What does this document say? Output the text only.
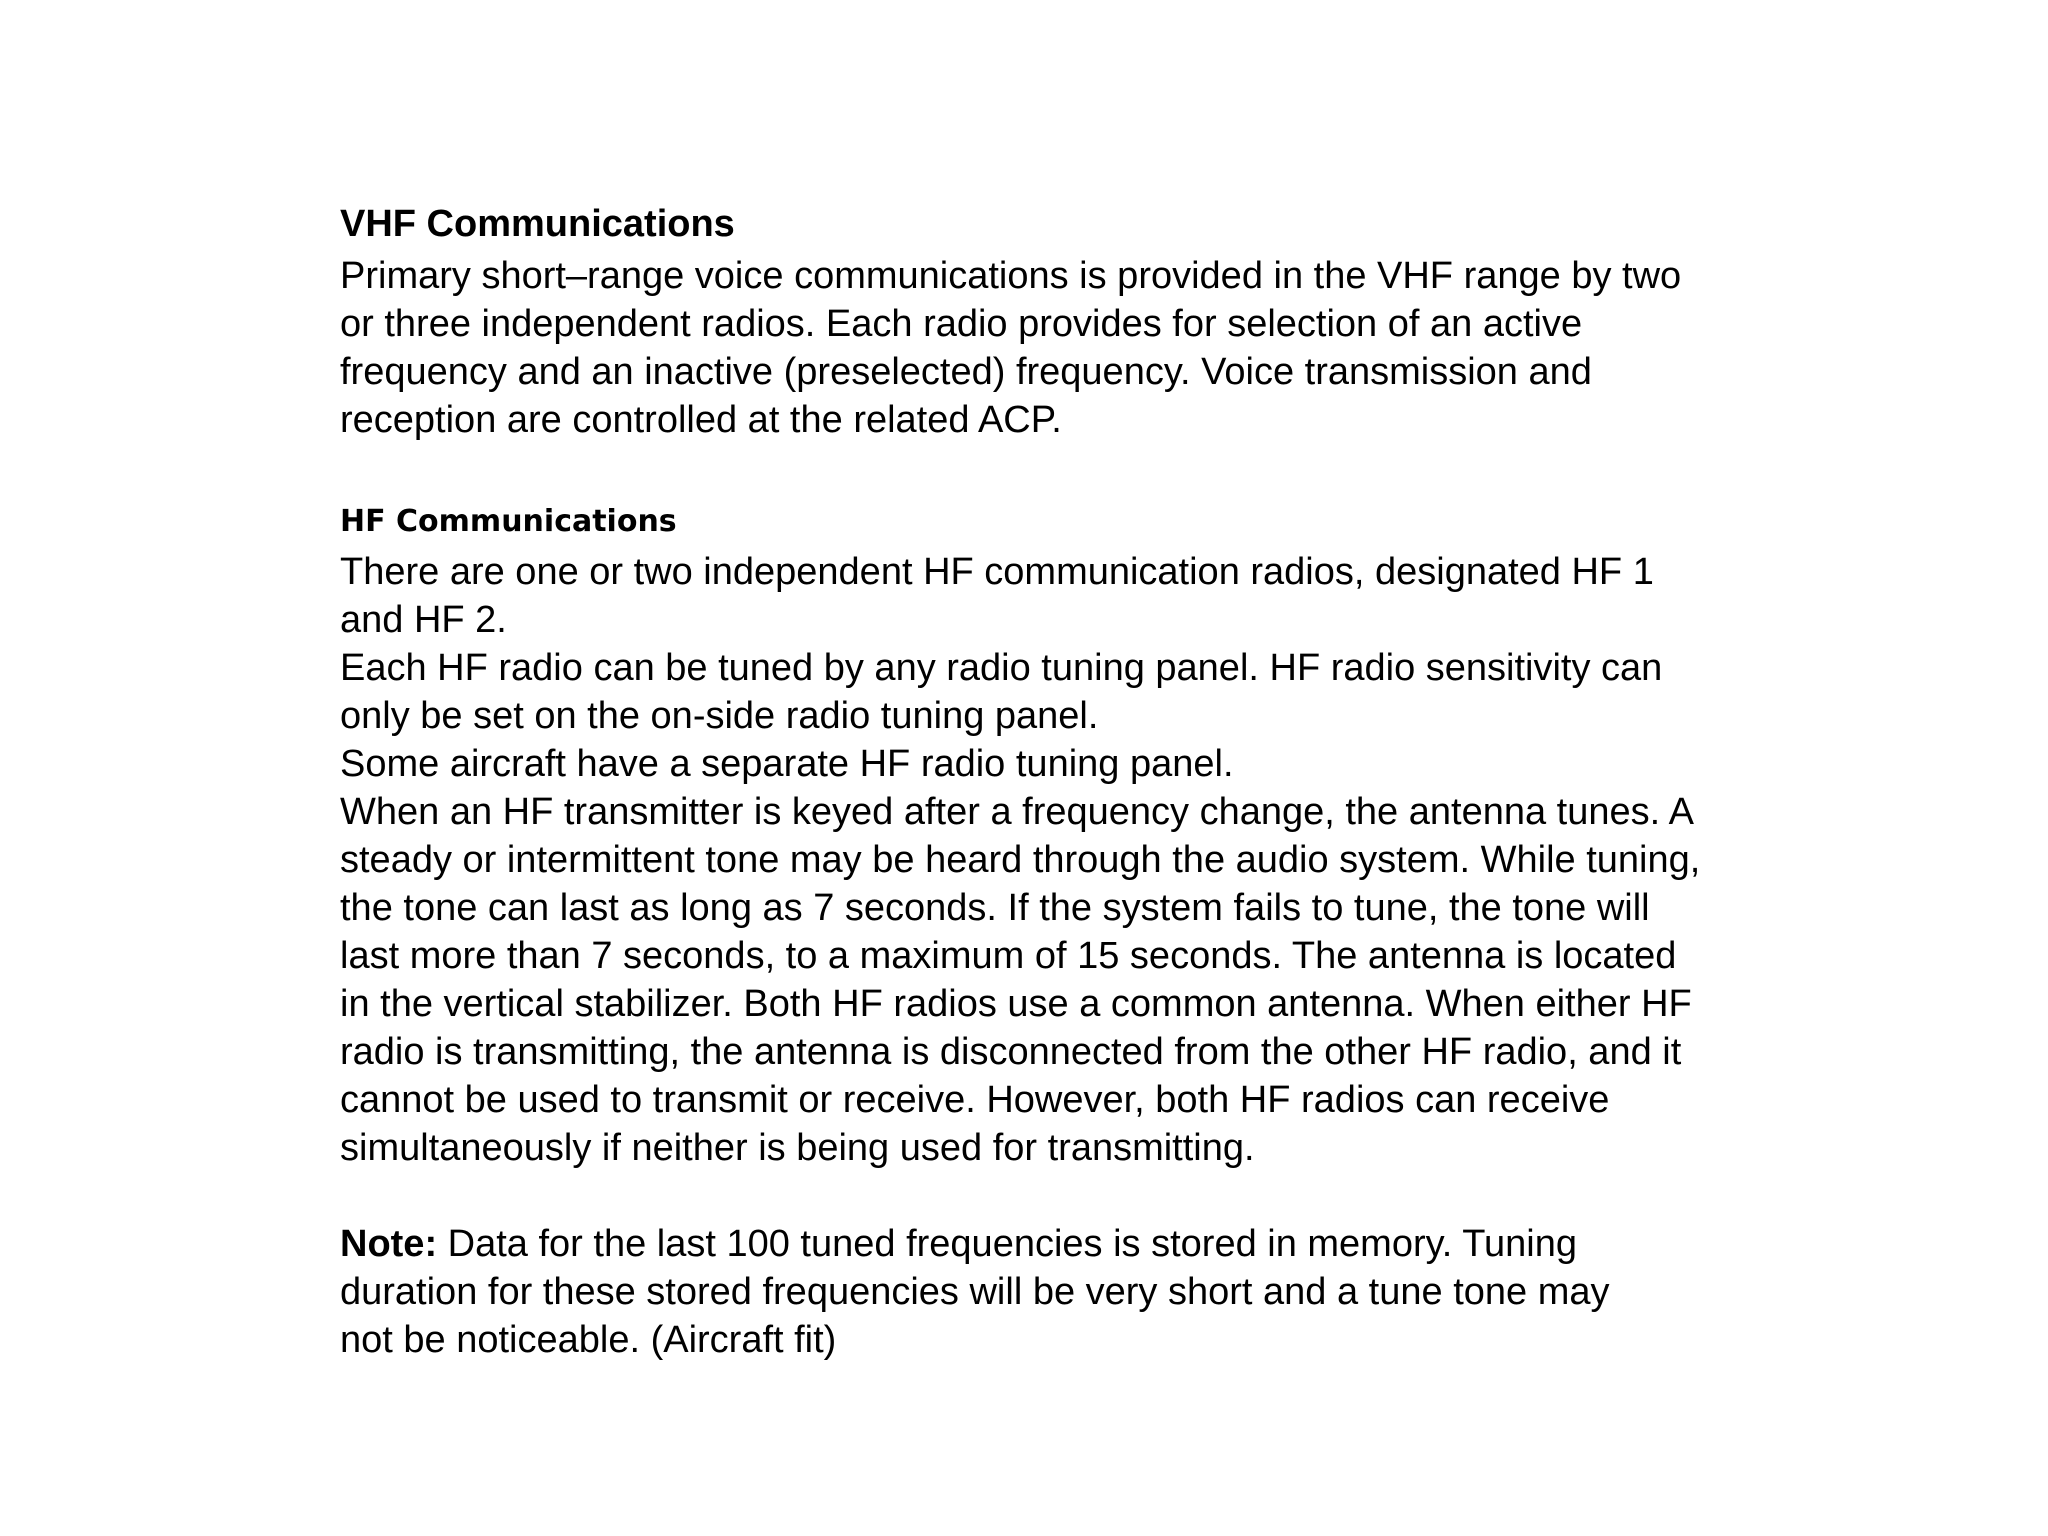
VHF Communications

Primary short–range voice communications is provided in the VHF range by two

or three independent radios. Each radio provides for selection of an active

frequency and an inactive (preselected) frequency. Voice transmission and

reception are controlled at the related ACP.

HF Communications

There are one or two independent HF communication radios, designated HF 1

and HF 2.

Each HF radio can be tuned by any radio tuning panel. HF radio sensitivity can

only be set on the on-side radio tuning panel.

Some aircraft have a separate HF radio tuning panel.

When an HF transmitter is keyed after a frequency change, the antenna tunes. A

steady or intermittent tone may be heard through the audio system. While tuning,

the tone can last as long as 7 seconds. If the system fails to tune, the tone will

last more than 7 seconds, to a maximum of 15 seconds. The antenna is located

in the vertical stabilizer. Both HF radios use a common antenna. When either HF

radio is transmitting, the antenna is disconnected from the other HF radio, and it

cannot be used to transmit or receive. However, both HF radios can receive

simultaneously if neither is being used for transmitting.

Note: Data for the last 100 tuned frequencies is stored in memory. Tuning

duration for these stored frequencies will be very short and a tune tone may

not be noticeable. (Aircraft fit)
